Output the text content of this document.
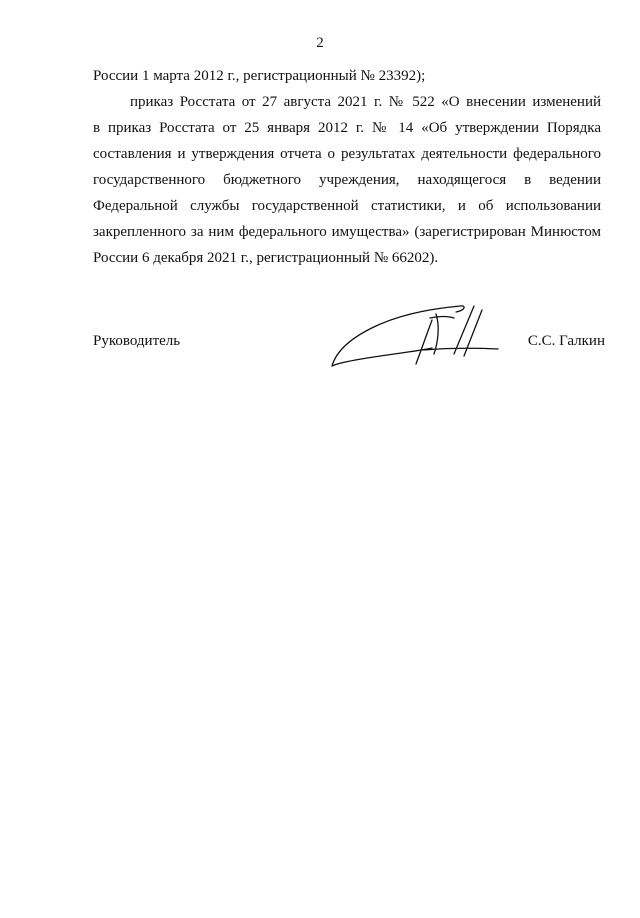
2

России 1 марта 2012 г., регистрационный № 23392);

приказ Росстата от 27 августа 2021 г. № 522 «О внесении изменений

в приказ Росстата от 25 января 2012 г. № 14 «Об утверждении Порядка

составления и утверждения отчета о результатах деятельности федерального

государственного бюджетного учреждения, находящегося в ведении

Федеральной службы государственной статистики, и об использовании

закрепленного за ним федерального имущества» (зарегистрирован Минюстом

России 6 декабря 2021 г., регистрационный № 66202).

Руководитель	С.С. Галкин
